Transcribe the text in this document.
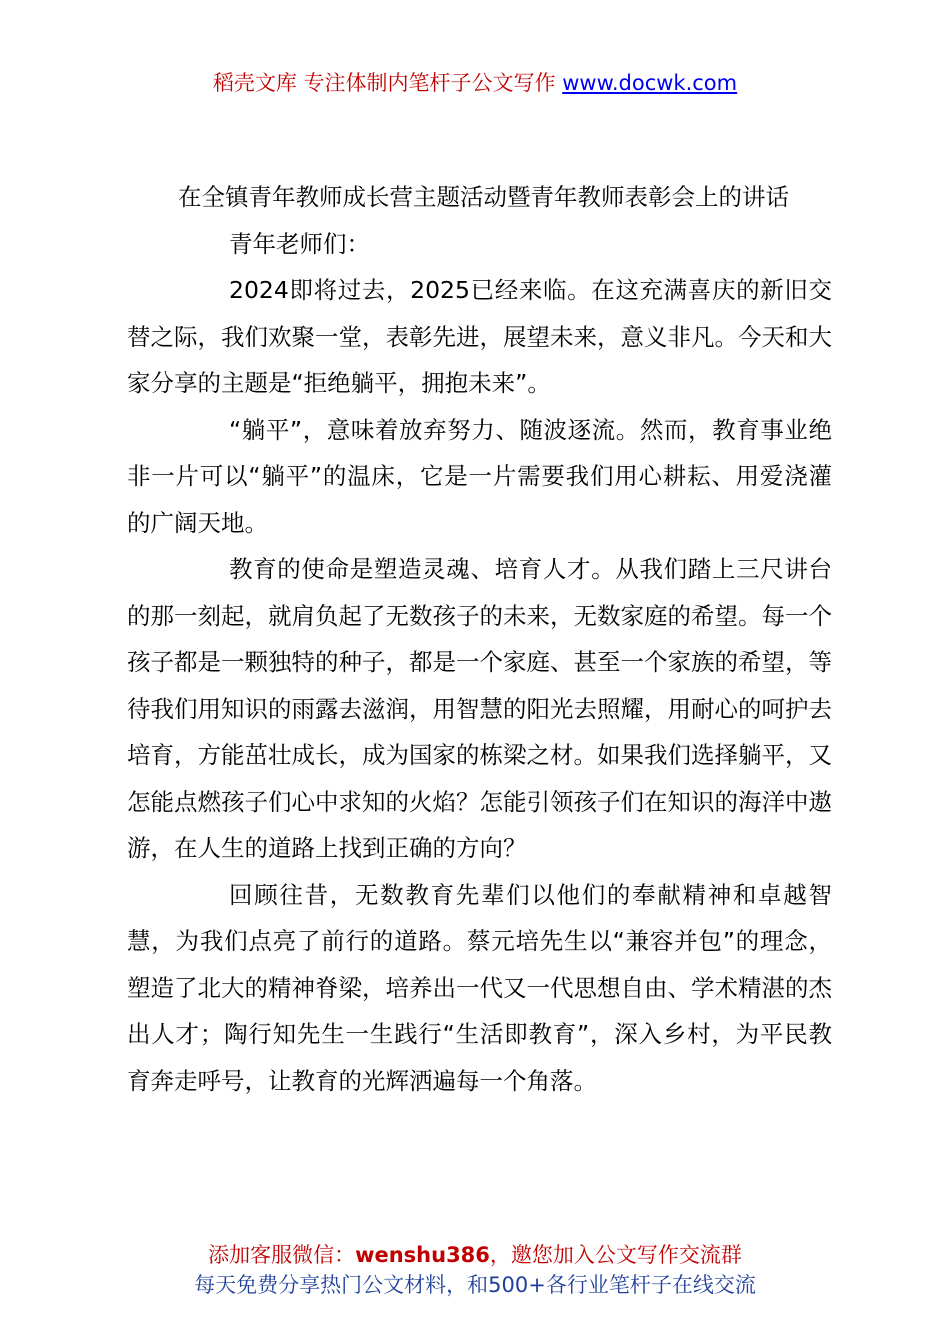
稻壳文库 专注体制内笔杆子公文写作 www.docwk.com

在全镇青年教师成长营主题活动暨青年教师表彰会上的讲话

青年老师们：

2024即将过去，2025已经来临。在这充满喜庆的新旧交替之际，我们欢聚一堂，表彰先进，展望未来，意义非凡。今天和大家分享的主题是“拒绝躺平，拥抱未来”。

“躺平”，意味着放弃努力、随波逐流。然而，教育事业绝非一片可以“躺平”的温床，它是一片需要我们用心耕耘、用爱浇灌的广阔天地。

教育的使命是塑造灵魂、培育人才。从我们踏上三尺讲台的那一刻起，就肩负起了无数孩子的未来，无数家庭的希望。每一个孩子都是一颗独特的种子，都是一个家庭、甚至一个家族的希望，等待我们用知识的雨露去滋润，用智慧的阳光去照耀，用耐心的呵护去培育，方能茁壮成长，成为国家的栋梁之材。如果我们选择躺平，又怎能点燃孩子们心中求知的火焰？怎能引领孩子们在知识的海洋中遨游，在人生的道路上找到正确的方向？

回顾往昔，无数教育先辈们以他们的奉献精神和卓越智慧，为我们点亮了前行的道路。蔡元培先生以“兼容并包”的理念，塑造了北大的精神脊梁，培养出一代又一代思想自由、学术精湛的杰出人才；陶行知先生一生践行“生活即教育”，深入乡村，为平民教育奔走呼号，让教育的光辉洒遍每一个角落。

添加客服微信：wenshu386，邀您加入公文写作交流群
每天免费分享热门公文材料，和500+各行业笔杆子在线交流
